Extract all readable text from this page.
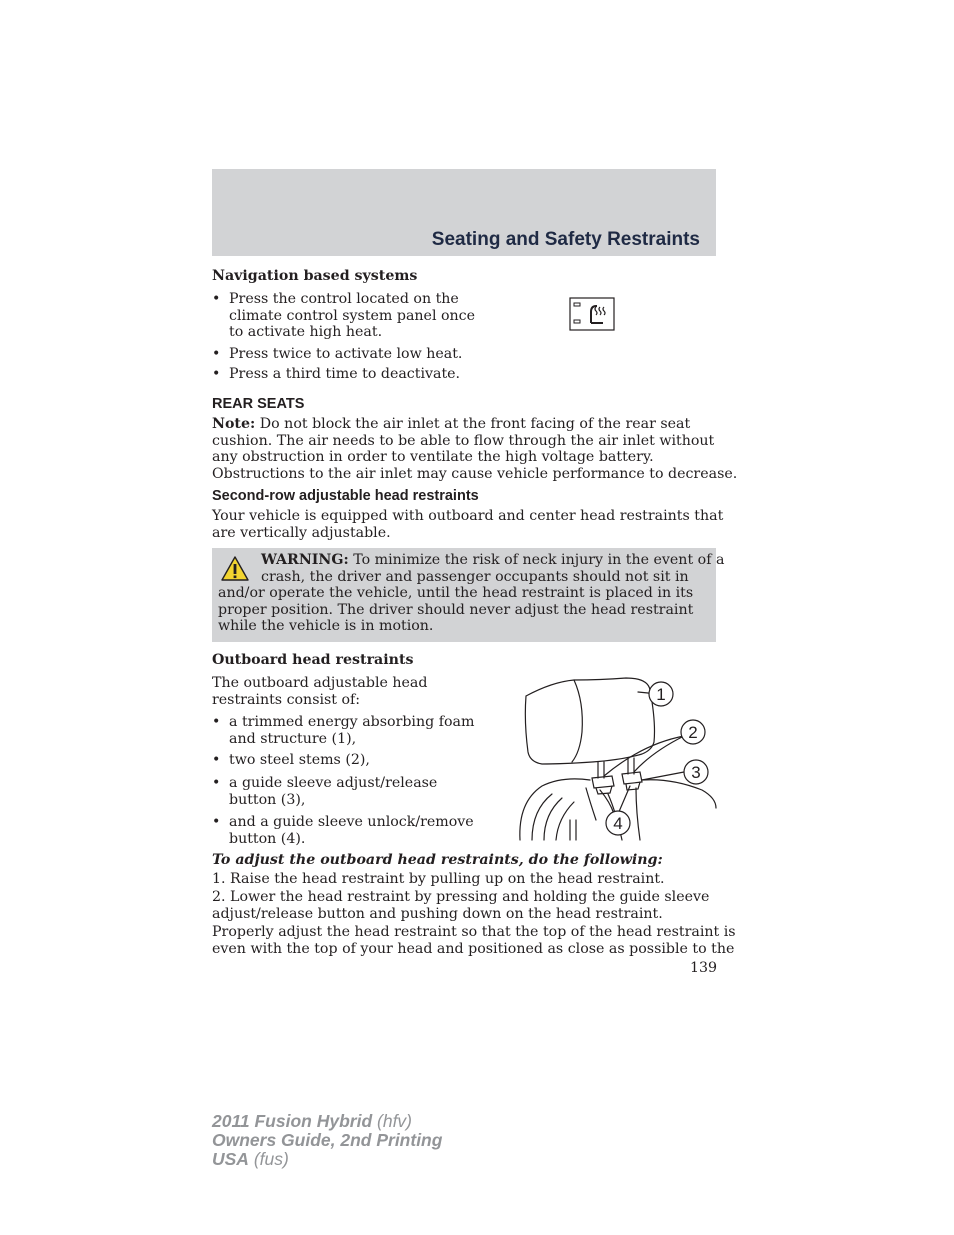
Seating and Safety Restraints
Navigation based systems
• Press the control located on the
climate control system panel once
to activate high heat.
• Press twice to activate low heat.
• Press a third time to deactivate.
REAR SEATS
Note: Do not block the air inlet at the front facing of the rear seat
cushion. The air needs to be able to flow through the air inlet without
any obstruction in order to ventilate the high voltage battery.
Obstructions to the air inlet may cause vehicle performance to decrease.
Second-row adjustable head restraints
Your vehicle is equipped with outboard and center head restraints that
are vertically adjustable.
WARNING: To minimize the risk of neck injury in the event of a
crash, the driver and passenger occupants should not sit in
and/or operate the vehicle, until the head restraint is placed in its
proper position. The driver should never adjust the head restraint
while the vehicle is in motion.
Outboard head restraints
The outboard adjustable head
restraints consist of:
• a trimmed energy absorbing foam
and structure (1),
• two steel stems (2),
• a guide sleeve adjust/release
button (3),
• and a guide sleeve unlock/remove
button (4).
1
2
3
4
To adjust the outboard head restraints, do the following:
1. Raise the head restraint by pulling up on the head restraint.
2. Lower the head restraint by pressing and holding the guide sleeve
adjust/release button and pushing down on the head restraint.
Properly adjust the head restraint so that the top of the head restraint is
even with the top of your head and positioned as close as possible to the
139
2011 Fusion Hybrid (hfv)
Owners Guide, 2nd Printing
USA (fus)
